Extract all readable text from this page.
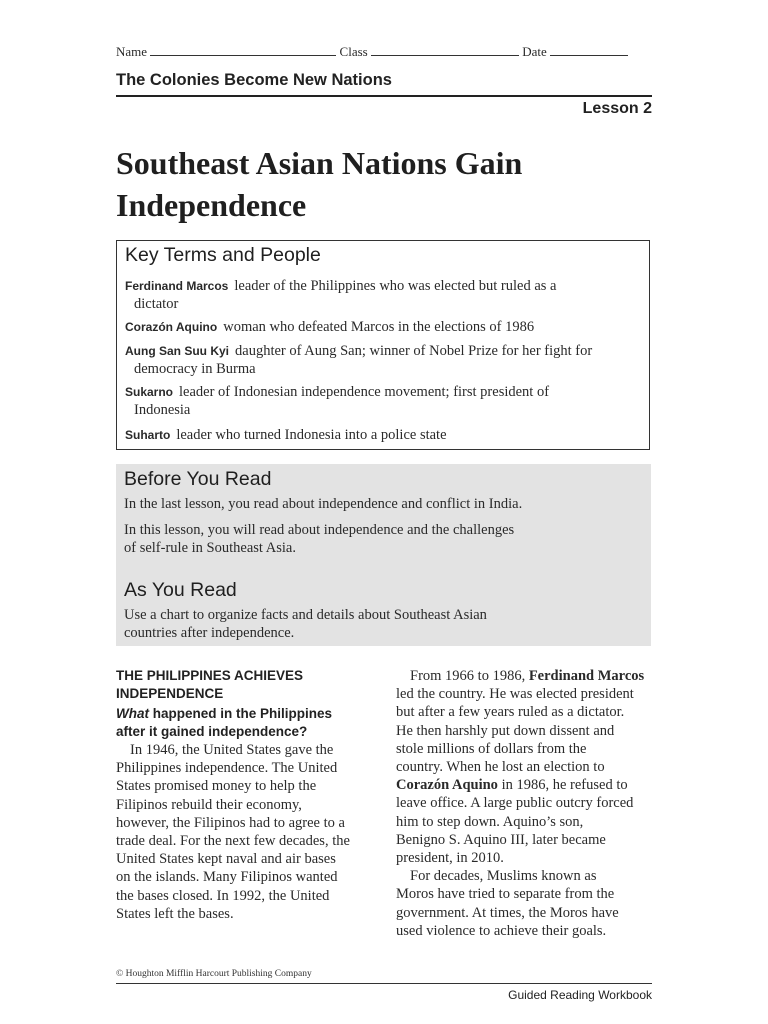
Name	Class	Date
The Colonies Become New Nations
Lesson 2
Southeast Asian Nations Gain Independence
Key Terms and People
Ferdinand Marcos leader of the Philippines who was elected but ruled as a
dictator
Corazón Aquino woman who defeated Marcos in the elections of 1986
Aung San Suu Kyi daughter of Aung San; winner of Nobel Prize for her fight for
democracy in Burma
Sukarno leader of Indonesian independence movement; first president of
Indonesia
Suharto leader who turned Indonesia into a police state
Before You Read

In the last lesson, you read about independence and conflict in India.

In this lesson, you will read about independence and the challenges
of self-rule in Southeast Asia.

As You Read

Use a chart to organize facts and details about Southeast Asian
countries after independence.

THE PHILIPPINES ACHIEVES
INDEPENDENCE
What happened in the Philippines
after it gained independence?

In 1946, the United States gave the
Philippines independence. The United
States promised money to help the
Filipinos rebuild their economy,
however, the Filipinos had to agree to a
trade deal. For the next few decades, the
United States kept naval and air bases
on the islands. Many Filipinos wanted
the bases closed. In 1992, the United
States left the bases.

From 1966 to 1986, Ferdinand Marcos
led the country. He was elected president
but after a few years ruled as a dictator.
He then harshly put down dissent and
stole millions of dollars from the
country. When he lost an election to
Corazón Aquino in 1986, he refused to
leave office. A large public outcry forced
him to step down. Aquino’s son,
Benigno S. Aquino III, later became
president, in 2010.

For decades, Muslims known as
Moros have tried to separate from the
government. At times, the Moros have
used violence to achieve their goals.

© Houghton Mifflin Harcourt Publishing Company
Guided Reading Workbook
